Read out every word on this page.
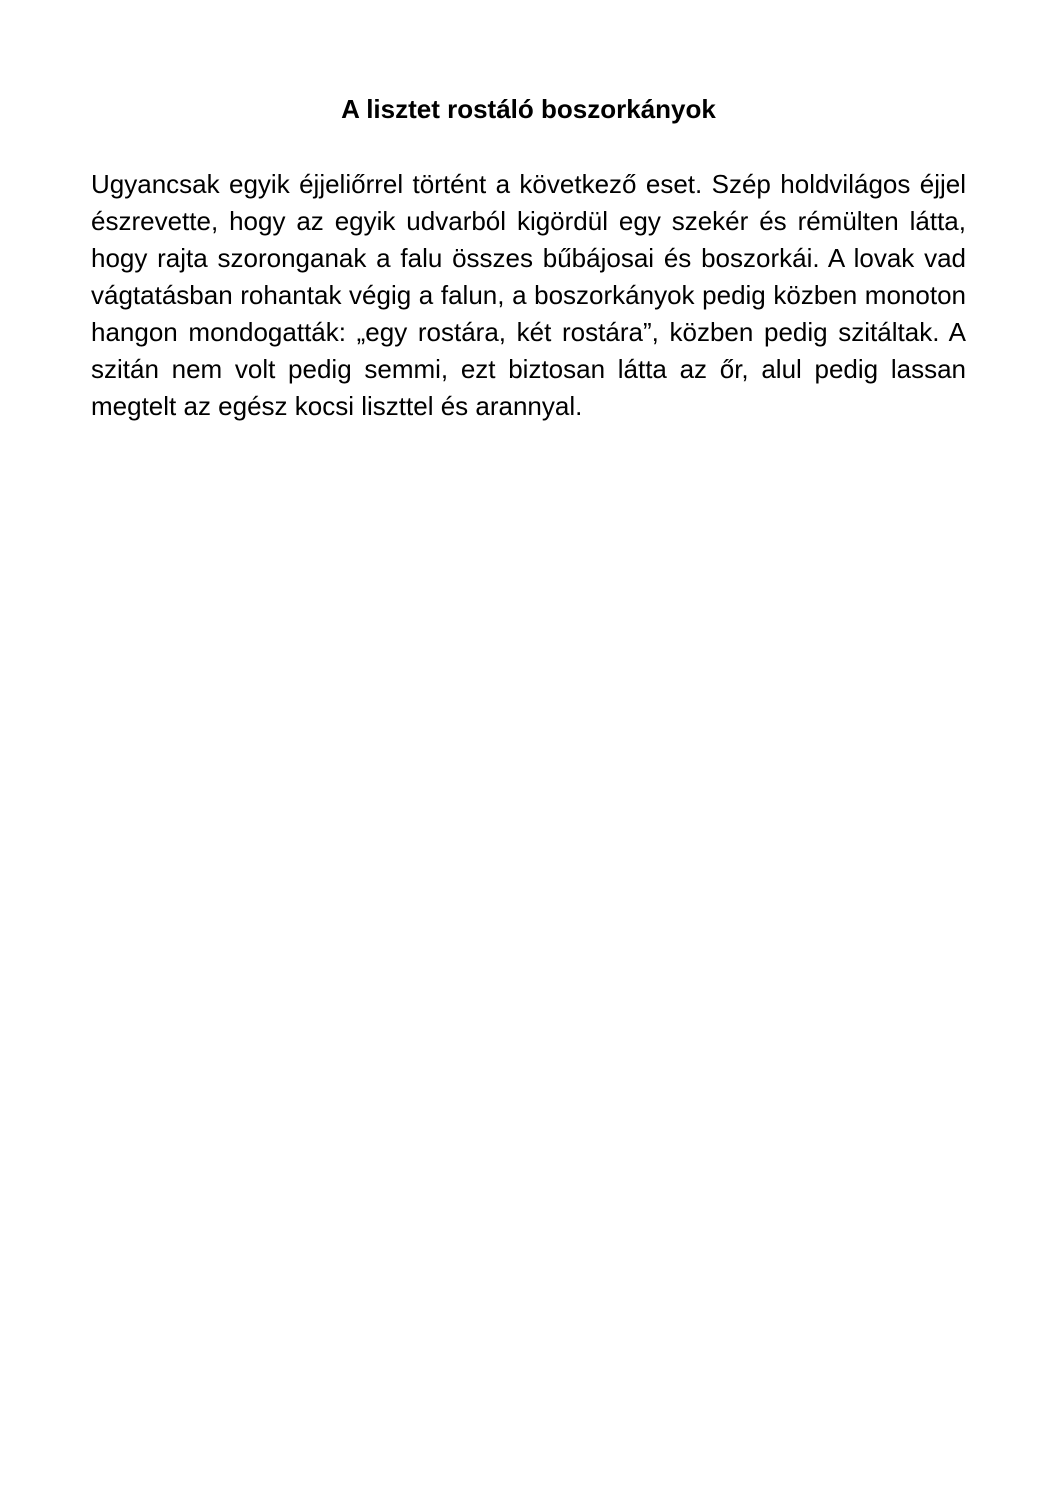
A lisztet rostáló boszorkányok

Ugyancsak egyik éjjeliőrrel történt a következő eset. Szép holdvilágos éjjel észrevette, hogy az egyik udvarból kigördül egy szekér és rémülten látta, hogy rajta szoronganak a falu összes bűbájosai és boszorkái. A lovak vad vágtatásban rohantak végig a falun, a boszorkányok pedig közben monoton hangon mondogatták: „egy rostára, két rostára”, közben pedig szitáltak. A szitán nem volt pedig semmi, ezt biztosan látta az őr, alul pedig lassan megtelt az egész kocsi liszttel és arannyal.
